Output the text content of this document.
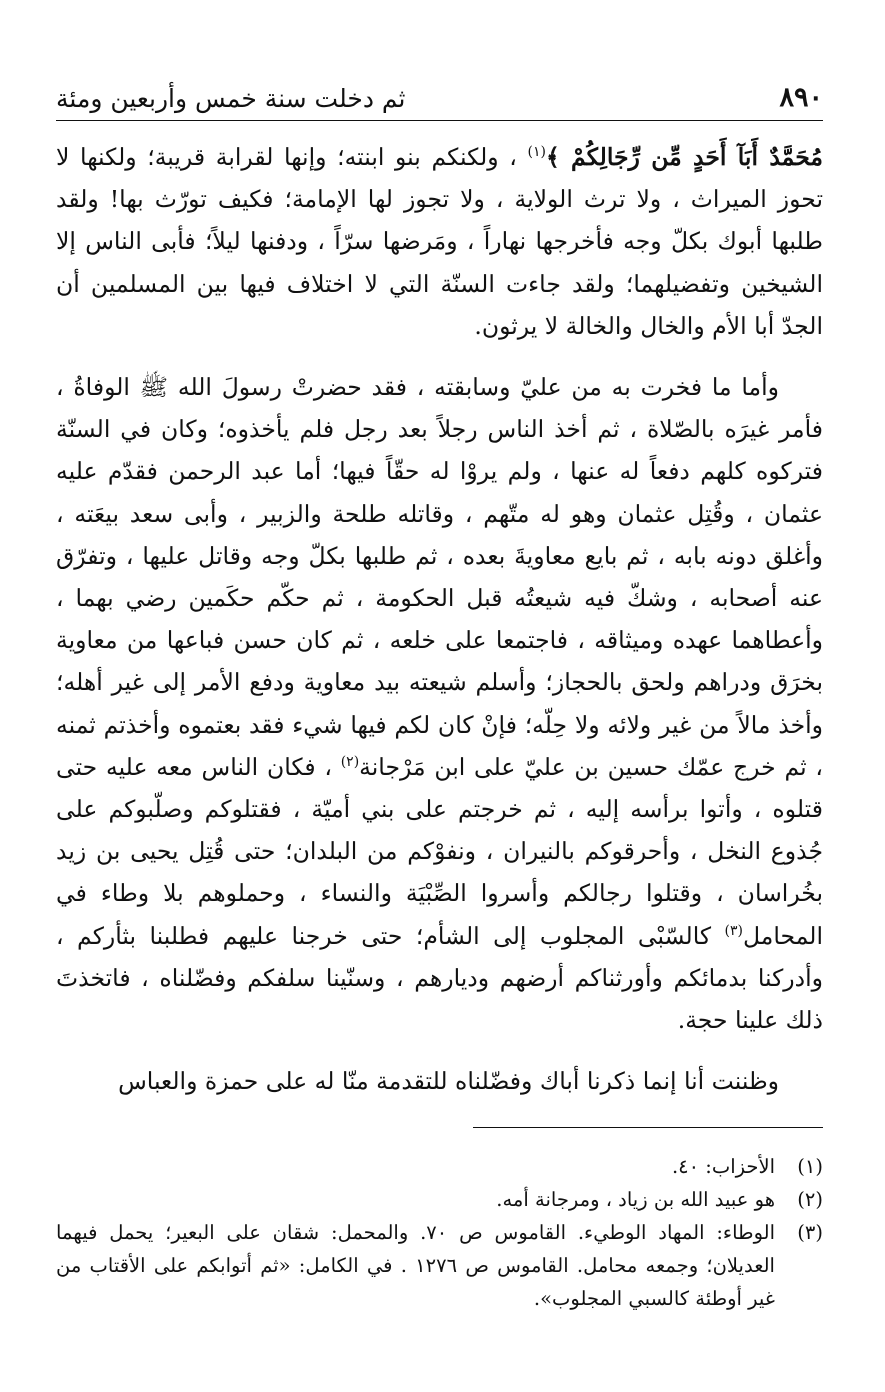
٨٩٠
ثم دخلت سنة خمس وأربعين ومئة

مُحَمَّدٌ أَبَآ أَحَدٍ مِّن رِّجَالِكُمْ ﴾$^{(١)}$ ، ولكنكم بنو ابنته؛ وإنها لقرابة قريبة؛ ولكنها لا تحوز الميراث ، ولا ترث الولاية ، ولا تجوز لها الإمامة؛ فكيف تورّث بها! ولقد طلبها أبوك بكلّ وجه فأخرجها نهاراً ، ومَرضها سرّاً ، ودفنها ليلاً؛ فأبى الناس إلا الشيخين وتفضيلهما؛ ولقد جاءت السنّة التي لا اختلاف فيها بين المسلمين أن الجدّ أبا الأم والخال والخالة لا يرثون.

وأما ما فخرت به من عليّ وسابقته ، فقد حضرتْ رسولَ الله ﷺ الوفاةُ ، فأمر غيرَه بالصّلاة ، ثم أخذ الناس رجلاً بعد رجل فلم يأخذوه؛ وكان في السنّة فتركوه كلهم دفعاً له عنها ، ولم يروْا له حقّاً فيها؛ أما عبد الرحمن فقدّم عليه عثمان ، وقُتِل عثمان وهو له متّهم ، وقاتله طلحة والزبير ، وأبى سعد بيعَته ، وأغلق دونه بابه ، ثم بايع معاويةَ بعده ، ثم طلبها بكلّ وجه وقاتل عليها ، وتفرّق عنه أصحابه ، وشكّ فيه شيعتُه قبل الحكومة ، ثم حكّم حكَمين رضي بهما ، وأعطاهما عهده وميثاقه ، فاجتمعا على خلعه ، ثم كان حسن فباعها من معاوية بخرَق ودراهم ولحق بالحجاز؛ وأسلم شيعته بيد معاوية ودفع الأمر إلى غير أهله؛ وأخذ مالاً من غير ولائه ولا حِلّه؛ فإنْ كان لكم فيها شيء فقد بعتموه وأخذتم ثمنه ، ثم خرج عمّك حسين بن عليّ على ابن مَرْجانة$^{(٢)}$ ، فكان الناس معه عليه حتى قتلوه ، وأتوا برأسه إليه ، ثم خرجتم على بني أميّة ، فقتلوكم وصلّبوكم على جُذوع النخل ، وأحرقوكم بالنيران ، ونفوْكم من البلدان؛ حتى قُتِل يحيى بن زيد بخُراسان ، وقتلوا رجالكم وأسروا الصِّبْيَة والنساء ، وحملوهم بلا وطاء في المحامل$^{(٣)}$ كالسّبْى المجلوب إلى الشأم؛ حتى خرجنا عليهم فطلبنا بثأركم ، وأدركنا بدمائكم وأورثناكم أرضهم وديارهم ، وسنّينا سلفكم وفضّلناه ، فاتخذتَ ذلك علينا حجة.

وظننت أنا إنما ذكرنا أباك وفضّلناه للتقدمة منّا له على حمزة والعباس

(١)
الأحزاب: ٤٠.
(٢)
هو عبيد الله بن زياد ، ومرجانة أمه.
(٣)
الوطاء: المهاد الوطيء. القاموس ص ٧٠. والمحمل: شقان على البعير؛ يحمل فيهما العديلان؛ وجمعه محامل. القاموس ص ١٢٧٦ . في الكامل: «ثم أتوابكم على الأقتاب من غير أوطئة كالسبي المجلوب».
